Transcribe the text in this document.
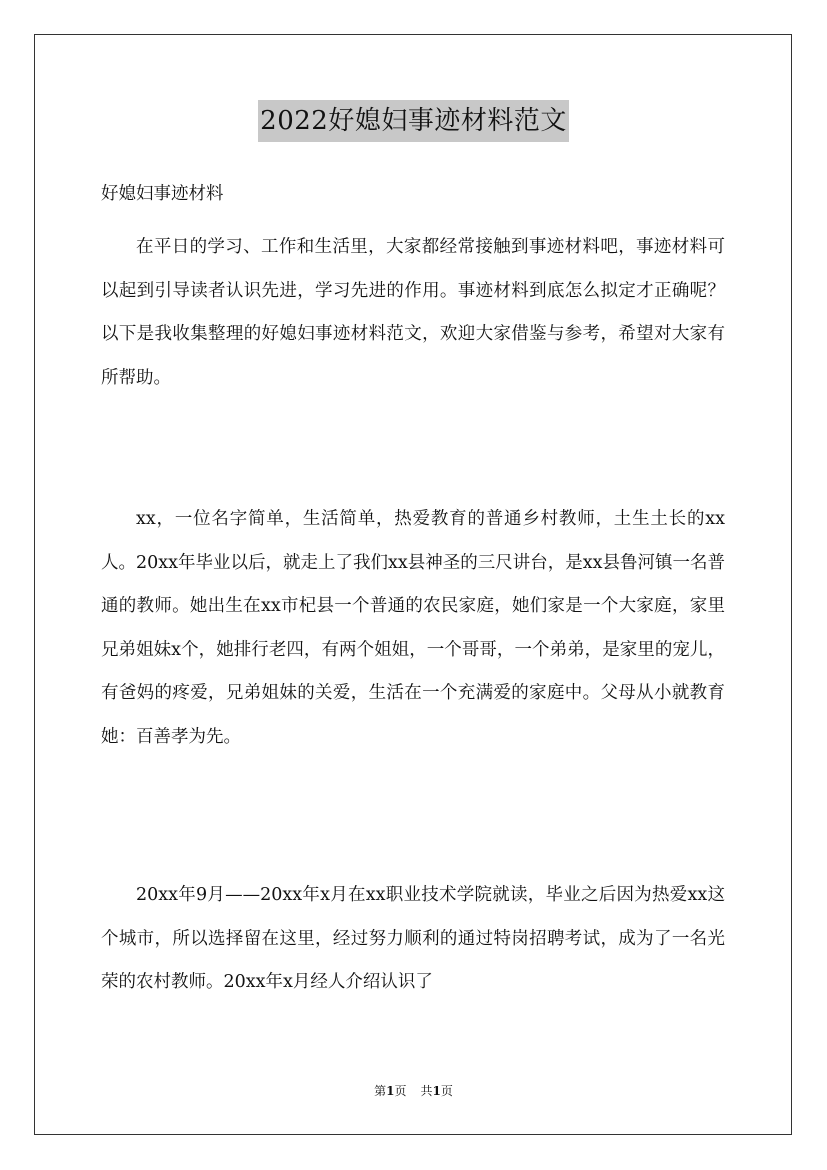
2022好媳妇事迹材料范文
好媳妇事迹材料

在平日的学习、工作和生活里，大家都经常接触到事迹材料吧，事迹材料可以起到引导读者认识先进，学习先进的作用。事迹材料到底怎么拟定才正确呢？以下是我收集整理的好媳妇事迹材料范文，欢迎大家借鉴与参考，希望对大家有所帮助。

xx，一位名字简单，生活简单，热爱教育的普通乡村教师，土生土长的xx人。20xx年毕业以后，就走上了我们xx县神圣的三尺讲台，是xx县鲁河镇一名普通的教师。她出生在xx市杞县一个普通的农民家庭，她们家是一个大家庭，家里兄弟姐妹x个，她排行老四，有两个姐姐，一个哥哥，一个弟弟，是家里的宠儿，有爸妈的疼爱，兄弟姐妹的关爱，生活在一个充满爱的家庭中。父母从小就教育她：百善孝为先。

20xx年9月——20xx年x月在xx职业技术学院就读，毕业之后因为热爱xx这个城市，所以选择留在这里，经过努力顺利的通过特岗招聘考试，成为了一名光荣的农村教师。20xx年x月经人介绍认识了

第1页 共1页
